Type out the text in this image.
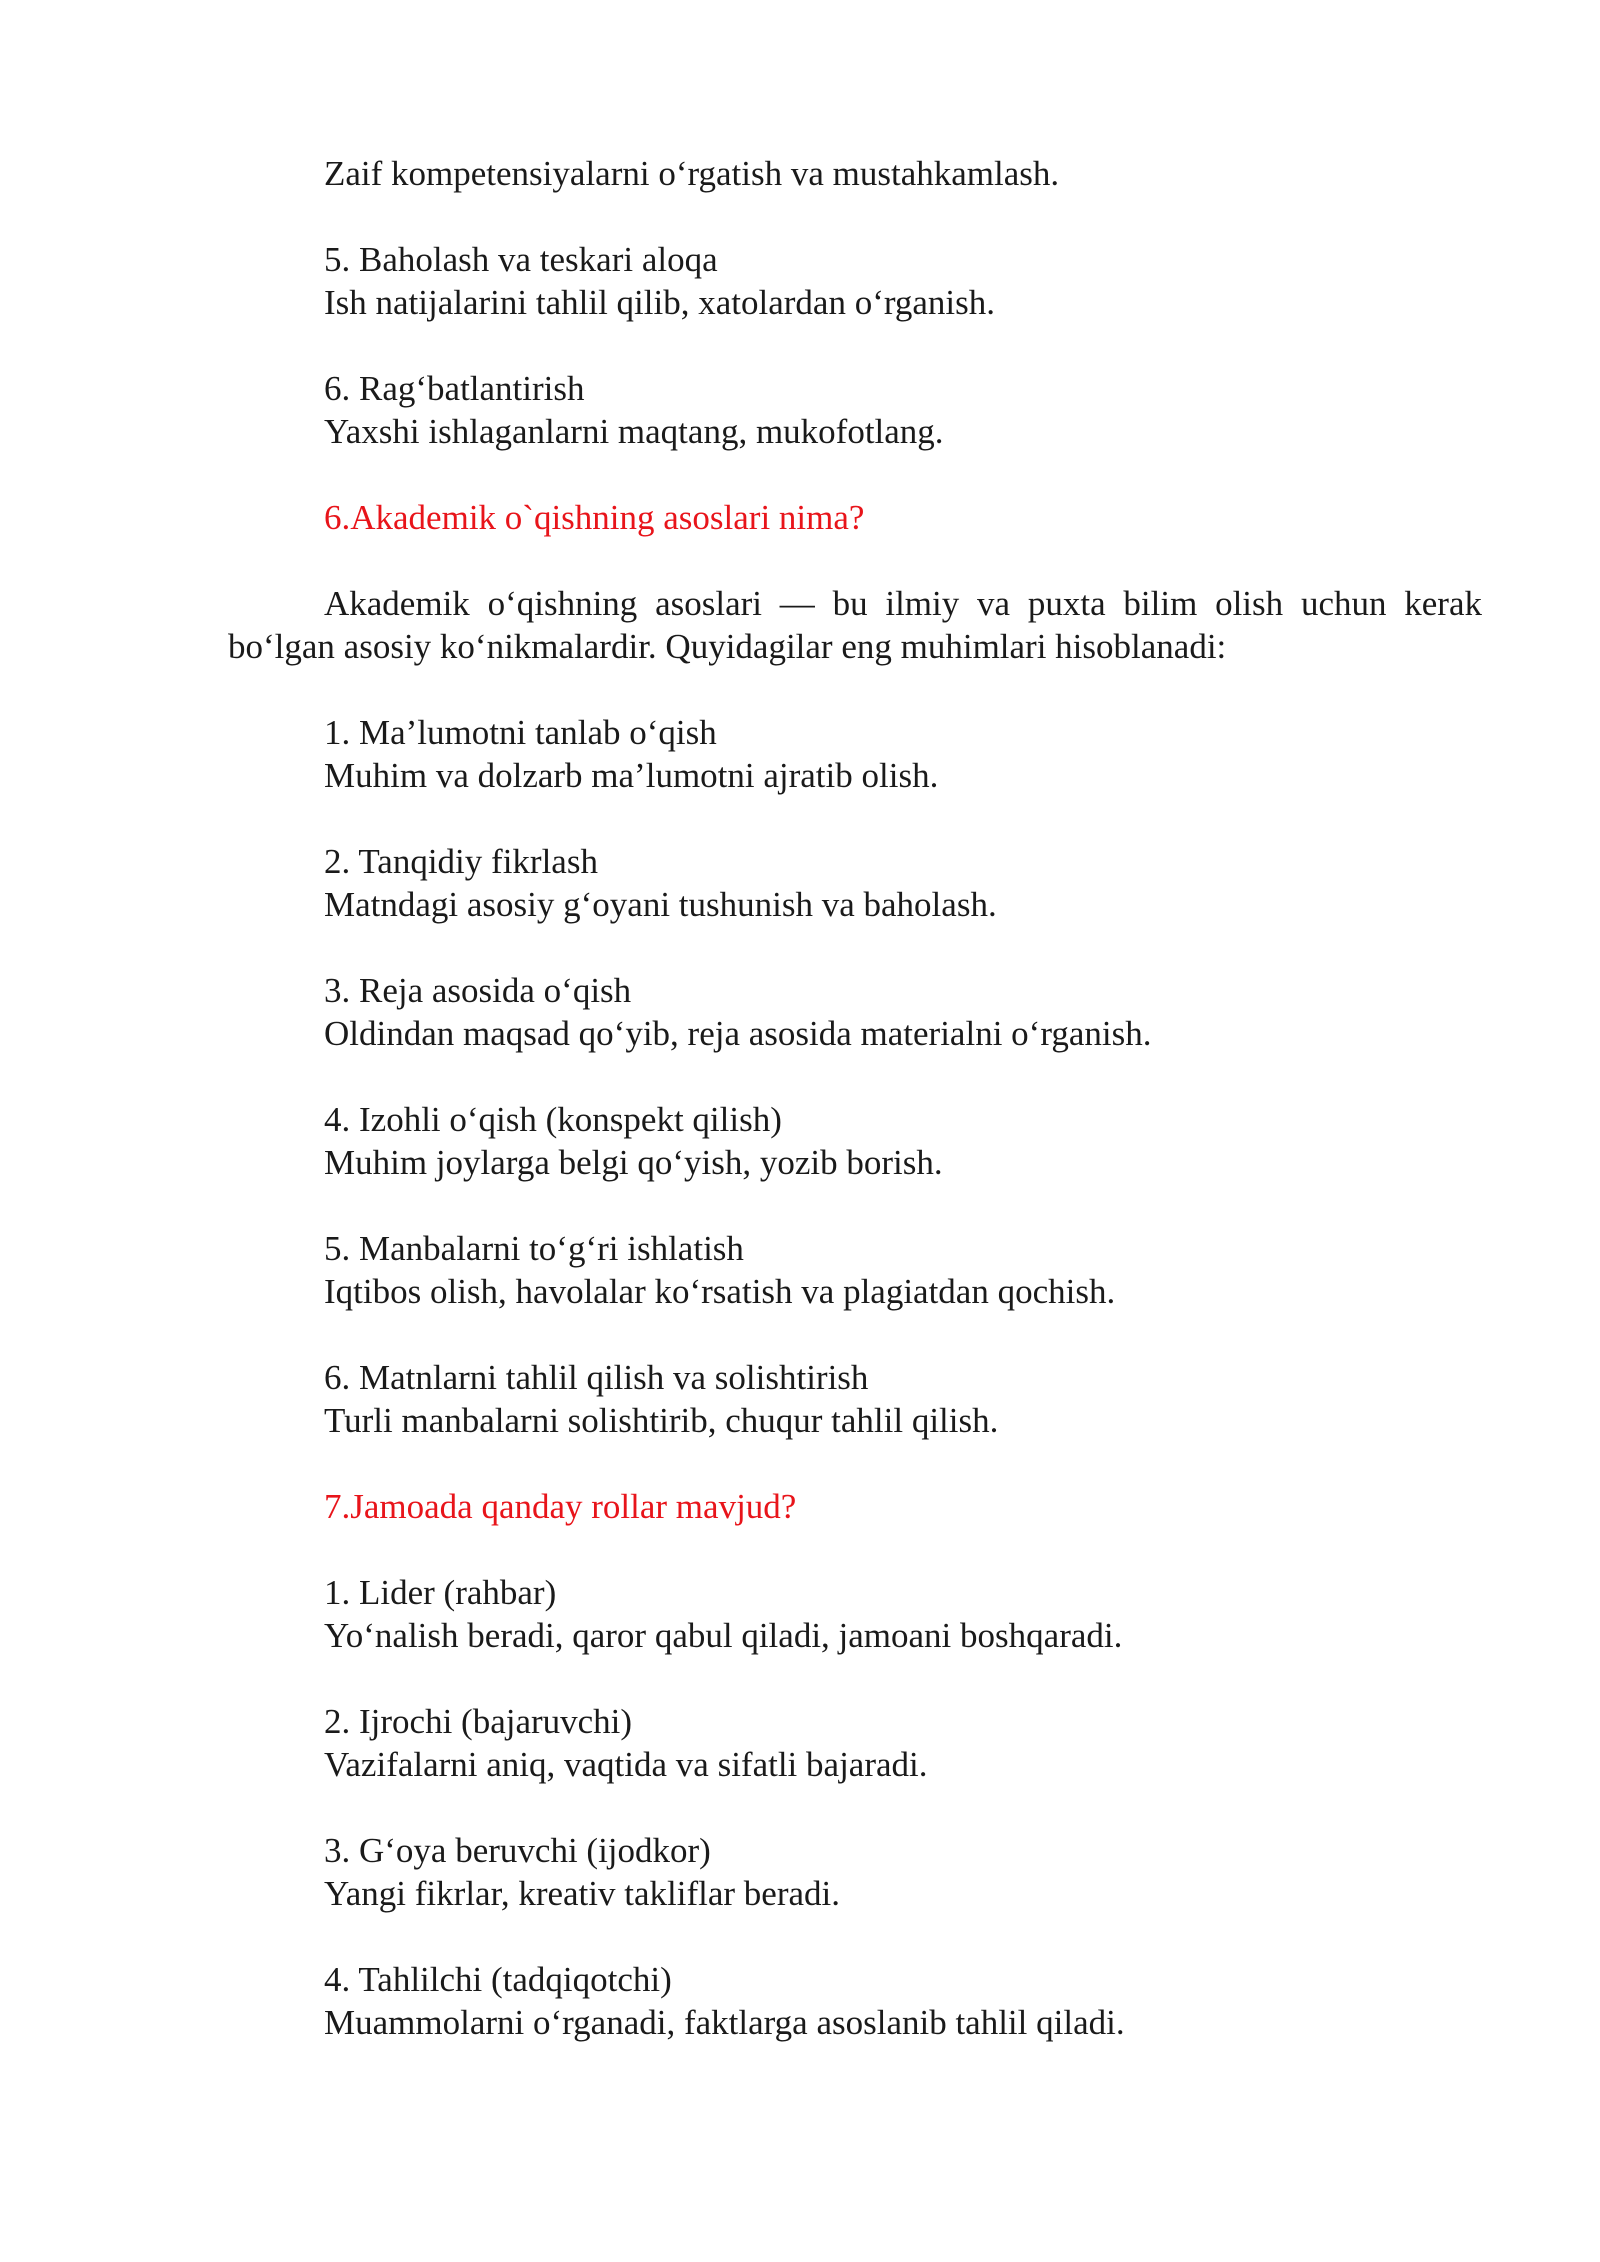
Zaif kompetensiyalarni o‘rgatish va mustahkamlash.

5. Baholash va teskari aloqa

Ish natijalarini tahlil qilib, xatolardan o‘rganish.

6. Rag‘batlantirish

Yaxshi ishlaganlarni maqtang, mukofotlang.

6.Akademik o`qishning asoslari nima?

Akademik o‘qishning asoslari — bu ilmiy va puxta bilim olish uchun kerak bo‘lgan asosiy ko‘nikmalardir. Quyidagilar eng muhimlari hisoblanadi:

1. Ma’lumotni tanlab o‘qish

Muhim va dolzarb ma’lumotni ajratib olish.

2. Tanqidiy fikrlash

Matndagi asosiy g‘oyani tushunish va baholash.

3. Reja asosida o‘qish

Oldindan maqsad qo‘yib, reja asosida materialni o‘rganish.

4. Izohli o‘qish (konspekt qilish)

Muhim joylarga belgi qo‘yish, yozib borish.

5. Manbalarni to‘g‘ri ishlatish

Iqtibos olish, havolalar ko‘rsatish va plagiatdan qochish.

6. Matnlarni tahlil qilish va solishtirish

Turli manbalarni solishtirib, chuqur tahlil qilish.

7.Jamoada qanday rollar mavjud?

1. Lider (rahbar)

Yo‘nalish beradi, qaror qabul qiladi, jamoani boshqaradi.

2. Ijrochi (bajaruvchi)

Vazifalarni aniq, vaqtida va sifatli bajaradi.

3. G‘oya beruvchi (ijodkor)

Yangi fikrlar, kreativ takliflar beradi.

4. Tahlilchi (tadqiqotchi)

Muammolarni o‘rganadi, faktlarga asoslanib tahlil qiladi.
